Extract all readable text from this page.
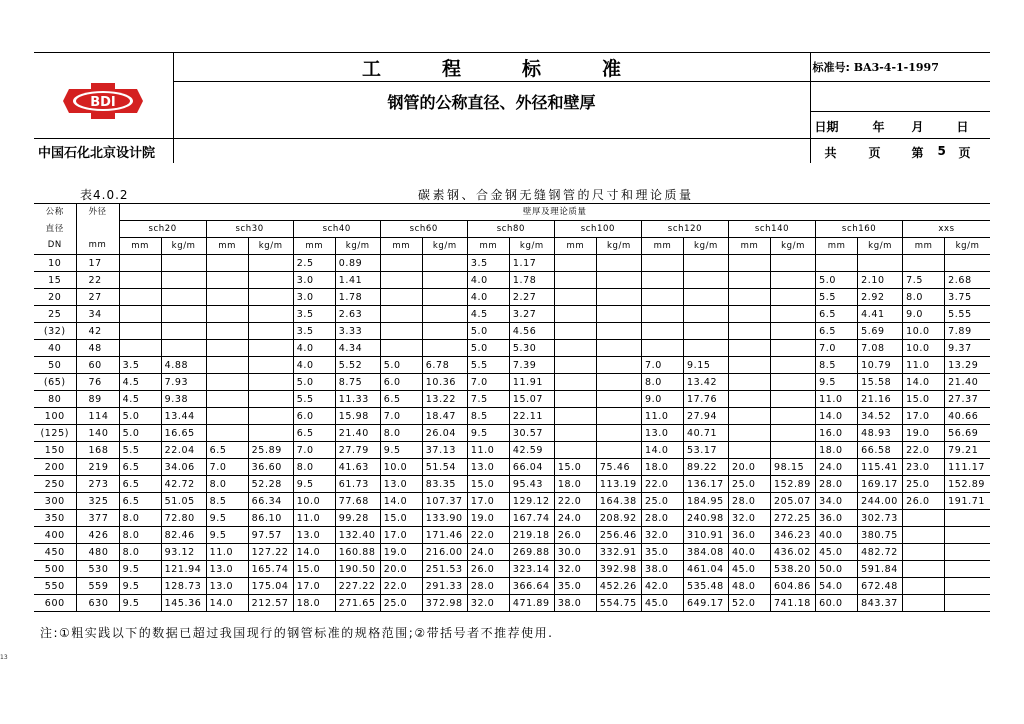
BDI	工 程 标 准	标准号: BA3-4-1-1997
	钢管的公称直径、外径和壁厚	

		日期 年 月 日

中国石化北京设计院		共 页 第 5 页
表4.0.2	碳素钢、合金钢无缝钢管的尺寸和理论质量
公称	外径	壁厚及理论质量																			
直径		sch20		sch30		sch40		sch60		sch80		sch100		sch120		sch140		sch160		xxs	
DN	mm	mm	kg/m	mm	kg/m	mm	kg/m	mm	kg/m	mm	kg/m	mm	kg/m	mm	kg/m	mm	kg/m	mm	kg/m	mm	kg/m
10	17					2.5	0.89			3.5	1.17										
15	22					3.0	1.41			4.0	1.78							5.0	2.10	7.5	2.68
20	27					3.0	1.78			4.0	2.27							5.5	2.92	8.0	3.75
25	34					3.5	2.63			4.5	3.27							6.5	4.41	9.0	5.55
(32)	42					3.5	3.33			5.0	4.56							6.5	5.69	10.0	7.89
40	48					4.0	4.34			5.0	5.30							7.0	7.08	10.0	9.37
50	60	3.5	4.88			4.0	5.52	5.0	6.78	5.5	7.39			7.0	9.15			8.5	10.79	11.0	13.29
(65)	76	4.5	7.93			5.0	8.75	6.0	10.36	7.0	11.91			8.0	13.42			9.5	15.58	14.0	21.40
80	89	4.5	9.38			5.5	11.33	6.5	13.22	7.5	15.07			9.0	17.76			11.0	21.16	15.0	27.37
100	114	5.0	13.44			6.0	15.98	7.0	18.47	8.5	22.11			11.0	27.94			14.0	34.52	17.0	40.66
(125)	140	5.0	16.65			6.5	21.40	8.0	26.04	9.5	30.57			13.0	40.71			16.0	48.93	19.0	56.69
150	168	5.5	22.04	6.5	25.89	7.0	27.79	9.5	37.13	11.0	42.59			14.0	53.17			18.0	66.58	22.0	79.21
200	219	6.5	34.06	7.0	36.60	8.0	41.63	10.0	51.54	13.0	66.04	15.0	75.46	18.0	89.22	20.0	98.15	24.0	115.41	23.0	111.17
250	273	6.5	42.72	8.0	52.28	9.5	61.73	13.0	83.35	15.0	95.43	18.0	113.19	22.0	136.17	25.0	152.89	28.0	169.17	25.0	152.89
300	325	6.5	51.05	8.5	66.34	10.0	77.68	14.0	107.37	17.0	129.12	22.0	164.38	25.0	184.95	28.0	205.07	34.0	244.00	26.0	191.71
350	377	8.0	72.80	9.5	86.10	11.0	99.28	15.0	133.90	19.0	167.74	24.0	208.92	28.0	240.98	32.0	272.25	36.0	302.73		
400	426	8.0	82.46	9.5	97.57	13.0	132.40	17.0	171.46	22.0	219.18	26.0	256.46	32.0	310.91	36.0	346.23	40.0	380.75		
450	480	8.0	93.12	11.0	127.22	14.0	160.88	19.0	216.00	24.0	269.88	30.0	332.91	35.0	384.08	40.0	436.02	45.0	482.72		
500	530	9.5	121.94	13.0	165.74	15.0	190.50	20.0	251.53	26.0	323.14	32.0	392.98	38.0	461.04	45.0	538.20	50.0	591.84		
550	559	9.5	128.73	13.0	175.04	17.0	227.22	22.0	291.33	28.0	366.64	35.0	452.26	42.0	535.48	48.0	604.86	54.0	672.48		
600	630	9.5	145.36	14.0	212.57	18.0	271.65	25.0	372.98	32.0	471.89	38.0	554.75	45.0	649.17	52.0	741.18	60.0	843.37		
注:①粗实践以下的数据已超过我国现行的钢管标准的规格范围;②带括号者不推荐使用.
13
